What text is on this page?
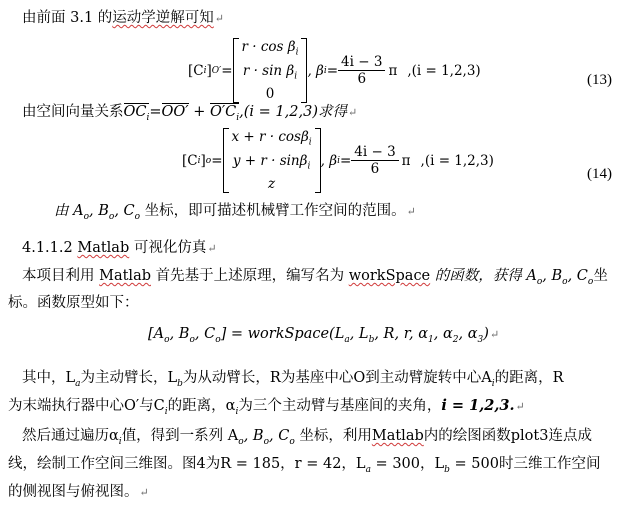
由前面 3.1 的运动学逆解可知↵
[C i ] O′ =
$r \cdot \cos \beta_i$
$r \cdot \sin \beta_i$
0
, β $i = \frac{4i - 3}{6}$ π ,(i = 1,2,3)
(13)
由空间向量关系$OC_i=OO' + O'C_i,(i = 1,2,3)$求得↵
[C i ] o =
x + r · cosβ$_i$
y + r · sinβ$_i$
z
, β $i = \frac{4i - 3}{6}$ π ,(i = 1,2,3)
(14)
由 $A_o$, $B_o$, $C_o$ 坐标，即可描述机械臂工作空间的范围。↵
4.1.1.2 Matlab 可视化仿真↵
本项目利用 Matlab 首先基于上述原理，编写名为 workSpace 的函数，获得 $A_o$, $B_o$, $C_o$坐
标。函数原型如下：
[$A_o$, $B_o$, $C_o$] = $workSpace(L_a$, $L_b$, R, r, $\alpha_1$, $\alpha_2$, $\alpha_3)↵$
其中，$L_a$为主动臂长，$L_b$为从动臂长，R为基座中心O到主动臂旋转中心$A_i$的距离，R
为末端执行器中心O′与$C_i$的距离，$\alpha_i$为三个主动臂与基座间的夹角，i = 1,2,3.↵
然后通过遍历$\alpha_i$值，得到一系列 $A_o$, $B_o$, $C_o$ 坐标，利用Matlab内的绘图函数plot3连点成
线，绘制工作空间三维图。图4为R = 185，r = 42，$L_a = 300$，$L_b = 500$时三维工作空间
的侧视图与俯视图。↵
